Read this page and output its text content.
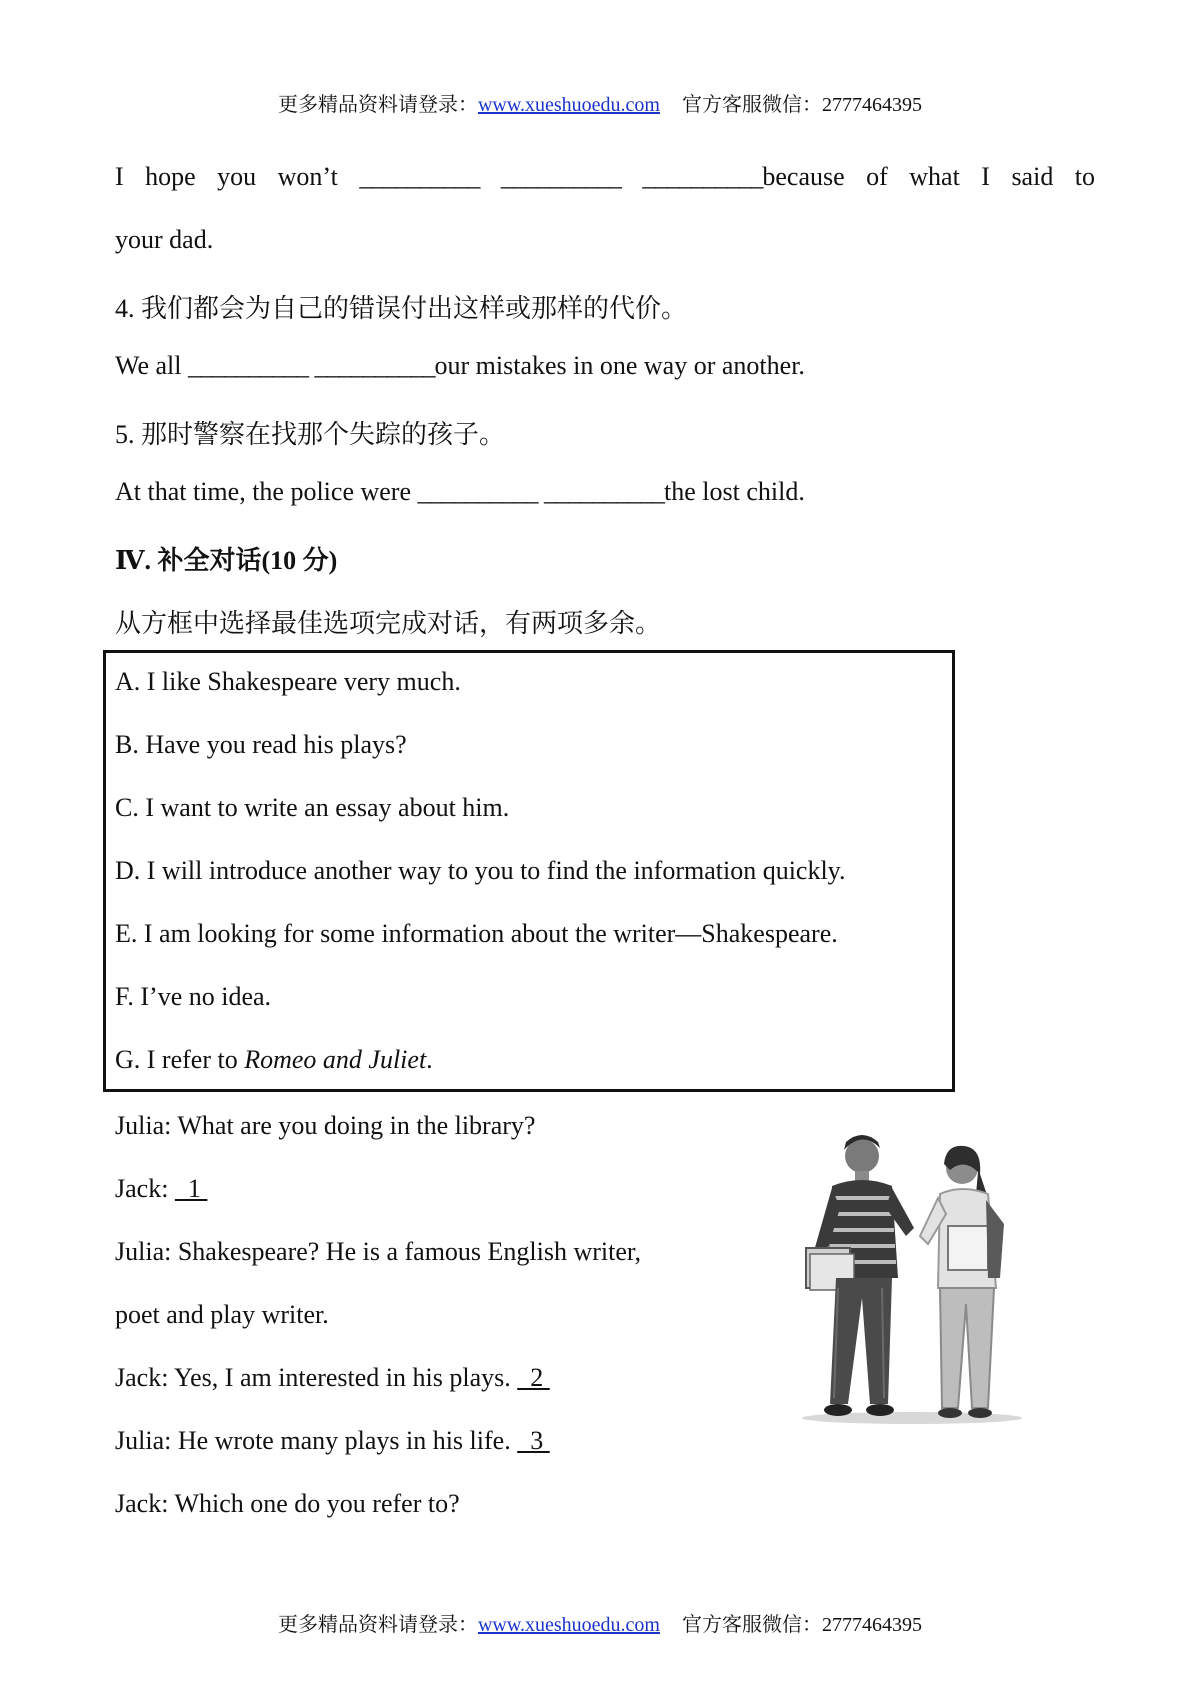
更多精品资料请登录：www.xueshuoedu.com 官方客服微信：2777464395
I hope you won’t __________ __________ __________because of what I said to
your dad.
4. 我们都会为自己的错误付出这样或那样的代价。
We all __________ __________our mistakes in one way or another.
5. 那时警察在找那个失踪的孩子。
At that time, the police were __________ __________the lost child.
Ⅳ. 补全对话(10 分)
从方框中选择最佳选项完成对话，有两项多余。
A. I like Shakespeare very much.
B. Have you read his plays?
C. I want to write an essay about him.
D. I will introduce another way to you to find the information quickly.
E. I am looking for some information about the writer—Shakespeare.
F. I’ve no idea.
G. I refer to Romeo and Juliet.
Julia: What are you doing in the library?
Jack:   1
Julia: Shakespeare? He is a famous English writer,
poet and play writer.
Jack: Yes, I am interested in his plays.   2
Julia: He wrote many plays in his life.   3
Jack: Which one do you refer to?
更多精品资料请登录：www.xueshuoedu.com 官方客服微信：2777464395
